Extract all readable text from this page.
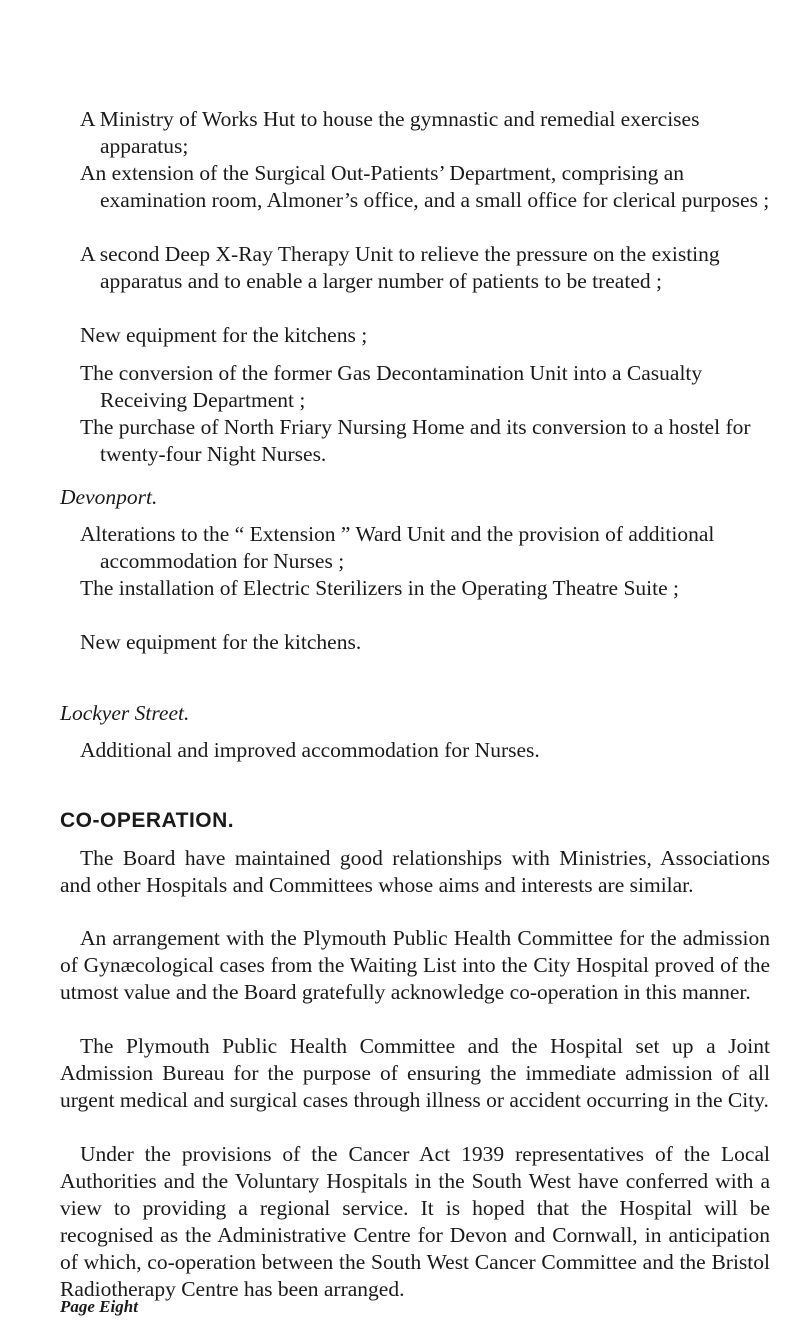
A Ministry of Works Hut to house the gymnastic and remedial exercises apparatus;

An extension of the Surgical Out-Patients’ Department, comprising an examination room, Almoner’s office, and a small office for clerical purposes ;

A second Deep X-Ray Therapy Unit to relieve the pressure on the existing apparatus and to enable a larger number of patients to be treated ;

New equipment for the kitchens ;

The conversion of the former Gas Decontamination Unit into a Casualty Receiving Department ;

The purchase of North Friary Nursing Home and its conversion to a hostel for twenty-four Night Nurses.

Devonport.

Alterations to the “ Extension ” Ward Unit and the provision of additional accommodation for Nurses ;

The installation of Electric Sterilizers in the Operating Theatre Suite ;

New equipment for the kitchens.

Lockyer Street.

Additional and improved accommodation for Nurses.

CO-OPERATION.

The Board have maintained good relationships with Ministries, Associations and other Hospitals and Committees whose aims and interests are similar.

An arrangement with the Plymouth Public Health Committee for the admission of Gynæcological cases from the Waiting List into the City Hospital proved of the utmost value and the Board gratefully acknowledge co-operation in this manner.

The Plymouth Public Health Committee and the Hospital set up a Joint Admission Bureau for the purpose of ensuring the immediate admission of all urgent medical and surgical cases through illness or accident occurring in the City.

Under the provisions of the Cancer Act 1939 representatives of the Local Authorities and the Voluntary Hospitals in the South West have conferred with a view to providing a regional service. It is hoped that the Hospital will be recognised as the Administrative Centre for Devon and Cornwall, in anticipation of which, co-operation between the South West Cancer Committee and the Bristol Radiotherapy Centre has been arranged.

Page Eight
